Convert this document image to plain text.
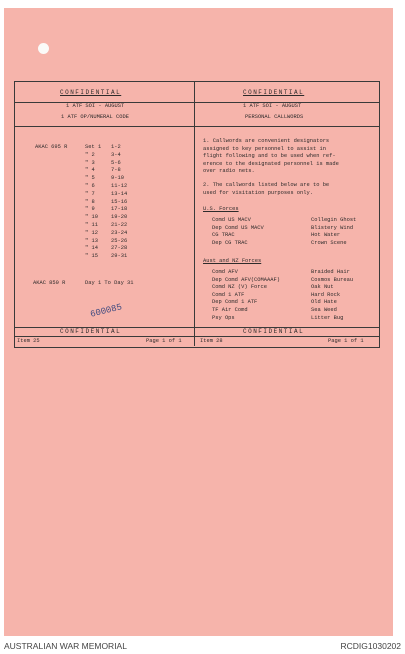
CONFIDENTIAL
1 ATF SOI - AUGUST
1 ATF OP/NUMERAL CODE
AKAC 695 R	Set 1 1-2
" 2	3-4
" 3	5-6
" 4	7-8
" 5	9-10
" 6	11-12
" 7	13-14
" 8	15-16
" 9	17-18
" 10 19-20
" 11 21-22
" 12 23-24
" 13 25-26
" 14 27-28
" 15 29-31
AKAC 850 R	Day 1 To Day 31
CONFIDENTIAL
Item 25	Page 1 of 1
CONFIDENTIAL
1 ATF SOI - AUGUST
PERSONAL CALLWORDS
1. Callwords are convenient designators
assigned to key personnel to assist in
flight following and to be used when ref-
erence to the designated personnel is made
over radio nets.
2. The callwords listed below are to be
used for visitation purposes only.
U.S. Forces
Comd US MACV	Collegin Ghost
Dep Comd US MACV	Blistery Wind
CG TRAC	Hot Water
Dep CG TRAC	Crown Scene
Aust and NZ Forces
Comd AFV	Braided Hair
Dep Comd AFV(COMAAAF)	Cosmos Bureau
Comd NZ (V) Force	Oak Nut
Comd 1 ATF	Hard Rock
Dep Comd 1 ATF	Old Hate
TF Air Comd	Sea Weed
Psy Ops	Litter Bug
CONFIDENTIAL
Item 28	Page 1 of 1
600085
AUSTRALIAN WAR MEMORIAL	RCDIG1030202
